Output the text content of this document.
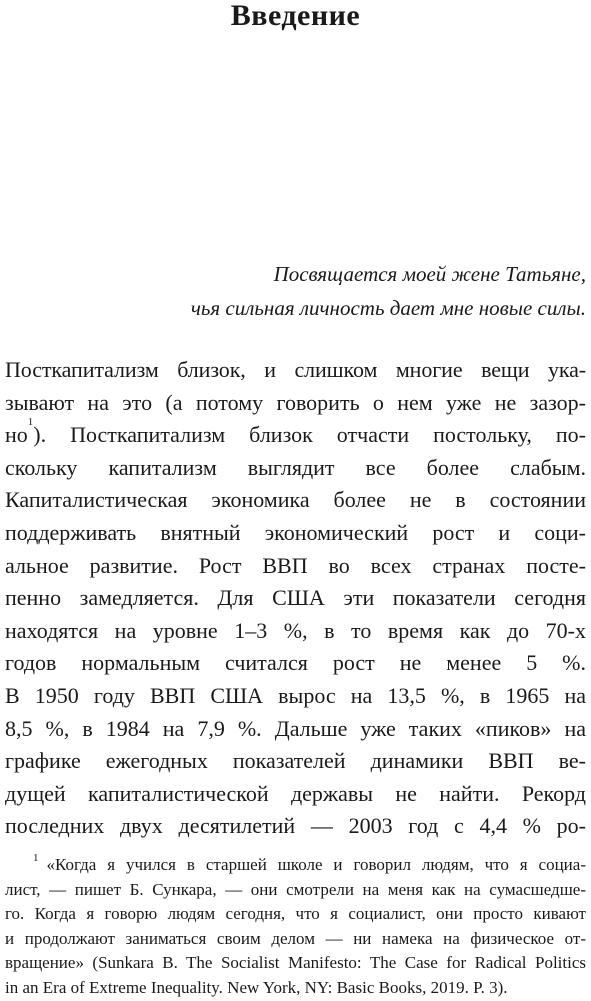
Введение
Посвящается моей жене Татьяне,
чья сильная личность дает мне новые силы.
Посткапитализм близок, и слишком многие вещи ука-
зывают на это (а потому говорить о нем уже не зазор-
но$^1$). Посткапитализм близок отчасти постольку, по-
скольку капитализм выглядит все более слабым.
Капиталистическая экономика более не в состоянии
поддерживать внятный экономический рост и соци-
альное развитие. Рост ВВП во всех странах посте-
пенно замедляется. Для США эти показатели сегодня
находятся на уровне 1–3 %, в то время как до 70-х
годов нормальным считался рост не менее 5 %.
В 1950 году ВВП США вырос на 13,5 %, в 1965 на
8,5 %, в 1984 на 7,9 %. Дальше уже таких «пиков» на
графике ежегодных показателей динамики ВВП ве-
дущей капиталистической державы не найти. Рекорд
последних двух десятилетий — 2003 год с 4,4 % ро-
$^1$ «Когда я учился в старшей школе и говорил людям, что я социа-
лист, — пишет Б. Сункара, — они смотрели на меня как на сумасшедше-
го. Когда я говорю людям сегодня, что я социалист, они просто кивают
и продолжают заниматься своим делом — ни намека на физическое от-
вращение» (Sunkara B. The Socialist Manifesto: The Case for Radical Politics
in an Era of Extreme Inequality. New York, NY: Basic Books, 2019. P. 3).
